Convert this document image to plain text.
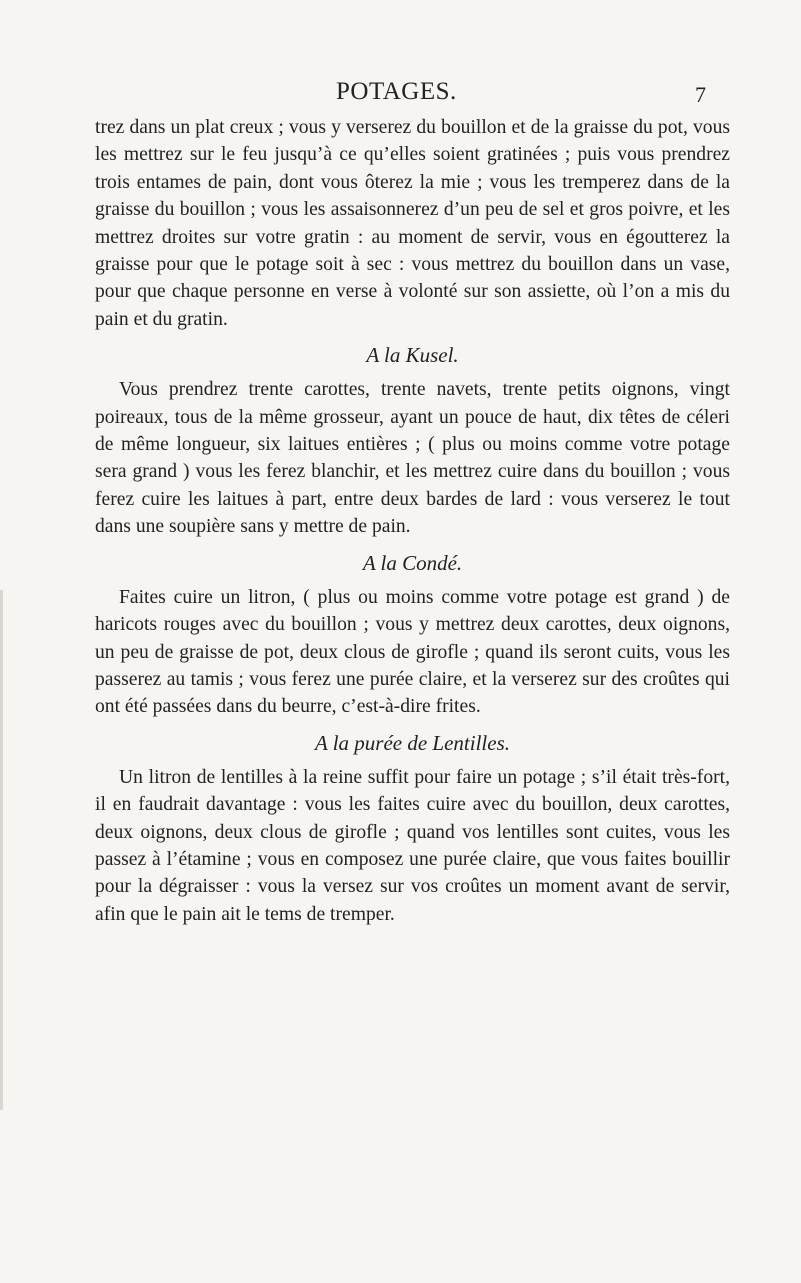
POTAGES.	7

trez dans un plat creux ; vous y verserez du bouillon et de la graisse du pot, vous les mettrez sur le feu jusqu’à ce qu’elles soient gratinées ; puis vous prendrez trois entames de pain, dont vous ôterez la mie ; vous les tremperez dans de la graisse du bouillon ; vous les assaisonnerez d’un peu de sel et gros poivre, et les mettrez droites sur votre gratin : au moment de servir, vous en égoutterez la graisse pour que le potage soit à sec : vous mettrez du bouillon dans un vase, pour que chaque personne en verse à volonté sur son assiette, où l’on a mis du pain et du gratin.

A la Kusel.

Vous prendrez trente carottes, trente navets, trente petits oignons, vingt poireaux, tous de la même grosseur, ayant un pouce de haut, dix têtes de céleri de même longueur, six laitues entières ; ( plus ou moins comme votre potage sera grand ) vous les ferez blanchir, et les mettrez cuire dans du bouillon ; vous ferez cuire les laitues à part, entre deux bardes de lard : vous verserez le tout dans une soupière sans y mettre de pain.

A la Condé.

Faites cuire un litron, ( plus ou moins comme votre potage est grand ) de haricots rouges avec du bouillon ; vous y mettrez deux carottes, deux oignons, un peu de graisse de pot, deux clous de girofle ; quand ils seront cuits, vous les passerez au tamis ; vous ferez une purée claire, et la verserez sur des croûtes qui ont été passées dans du beurre, c’est-à-dire frites.

A la purée de Lentilles.

Un litron de lentilles à la reine suffit pour faire un potage ; s’il était très-fort, il en faudrait davantage : vous les faites cuire avec du bouillon, deux carottes, deux oignons, deux clous de girofle ; quand vos lentilles sont cuites, vous les passez à l’étamine ; vous en composez une purée claire, que vous faites bouillir pour la dégraisser : vous la versez sur vos croûtes un moment avant de servir, afin que le pain ait le tems de tremper.
